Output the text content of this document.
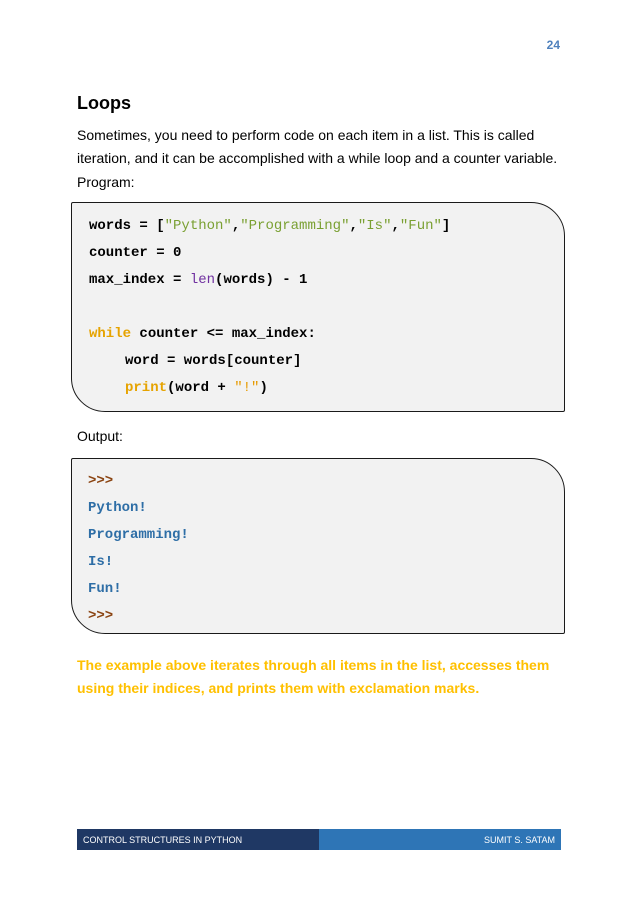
24
Loops

Sometimes, you need to perform code on each item in a list. This is called iteration, and it can be accomplished with a while loop and a counter variable.

Program:

words = ["Python","Programming","Is","Fun"]
counter = 0
max_index = len(words) - 1
while counter <= max_index:
word = words[counter]
print(word + "!")

Output:

>>>
Python!
Programming!
Is!
Fun!
>>>

The example above iterates through all items in the list, accesses them using their indices, and prints them with exclamation marks.

CONTROL STRUCTURES IN PYTHON	SUMIT S. SATAM
